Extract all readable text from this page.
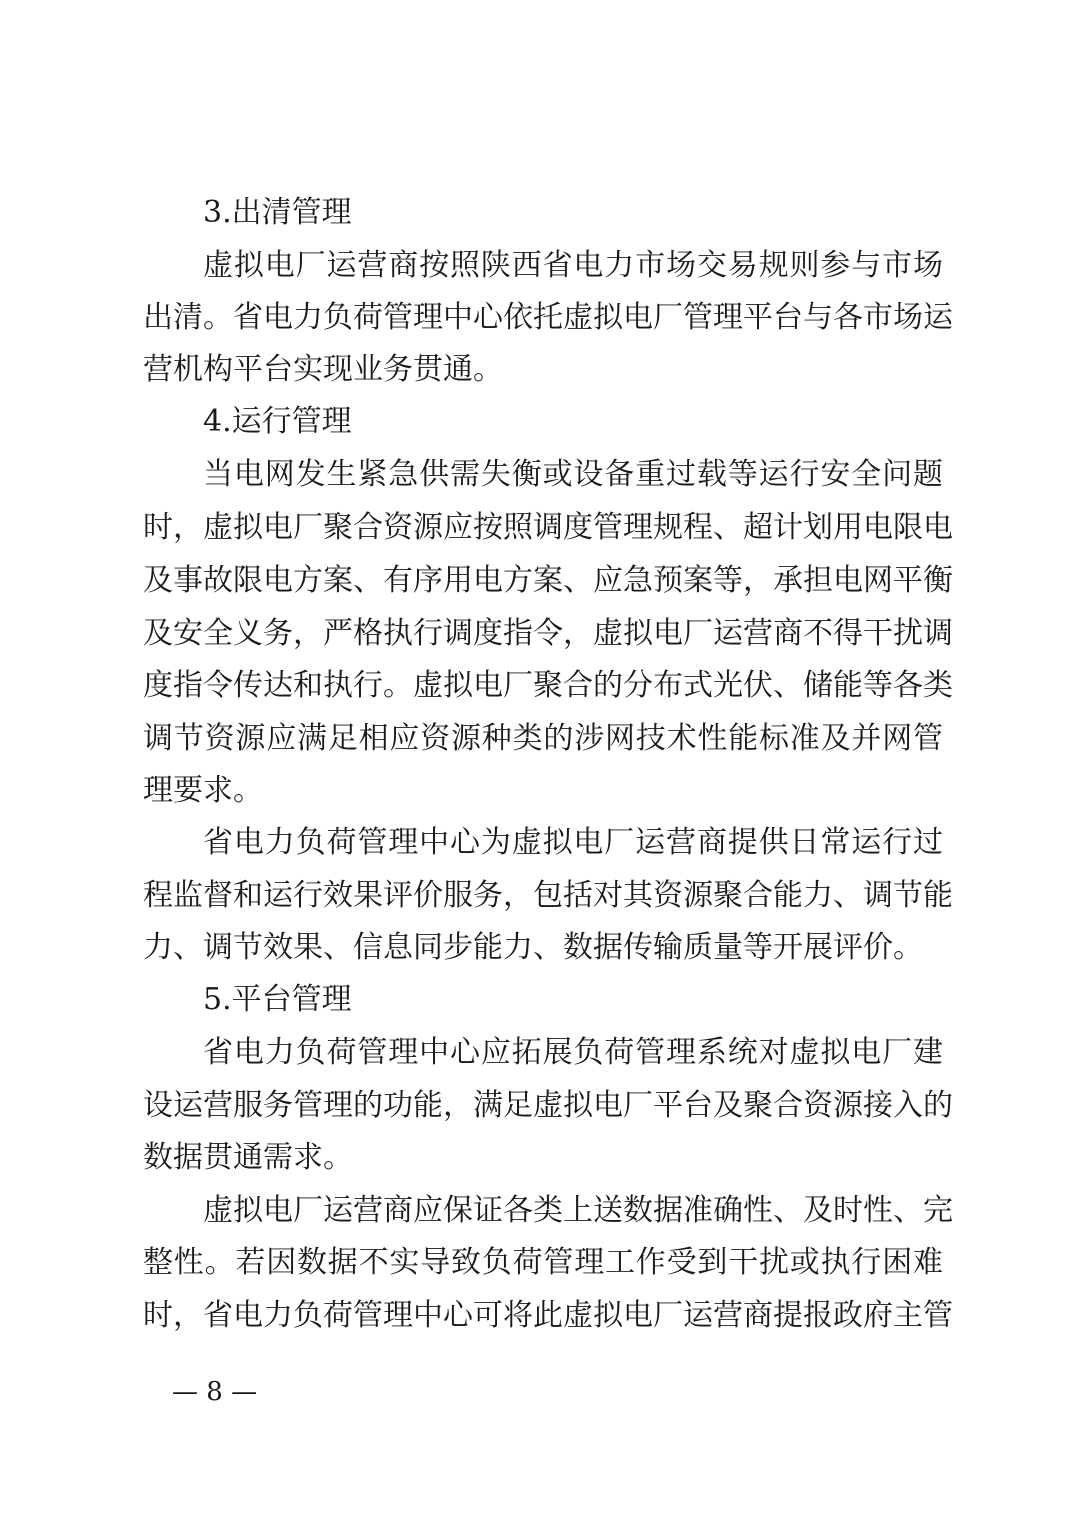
3.出清管理
虚拟电厂运营商按照陕西省电力市场交易规则参与市场
出清。省电力负荷管理中心依托虚拟电厂管理平台与各市场运
营机构平台实现业务贯通。
4.运行管理
当电网发生紧急供需失衡或设备重过载等运行安全问题
时，虚拟电厂聚合资源应按照调度管理规程、超计划用电限电
及事故限电方案、有序用电方案、应急预案等，承担电网平衡
及安全义务，严格执行调度指令，虚拟电厂运营商不得干扰调
度指令传达和执行。虚拟电厂聚合的分布式光伏、储能等各类
调节资源应满足相应资源种类的涉网技术性能标准及并网管
理要求。
省电力负荷管理中心为虚拟电厂运营商提供日常运行过
程监督和运行效果评价服务，包括对其资源聚合能力、调节能
力、调节效果、信息同步能力、数据传输质量等开展评价。
5.平台管理
省电力负荷管理中心应拓展负荷管理系统对虚拟电厂建
设运营服务管理的功能，满足虚拟电厂平台及聚合资源接入的
数据贯通需求。
虚拟电厂运营商应保证各类上送数据准确性、及时性、完
整性。若因数据不实导致负荷管理工作受到干扰或执行困难
时，省电力负荷管理中心可将此虚拟电厂运营商提报政府主管
— 8 —
